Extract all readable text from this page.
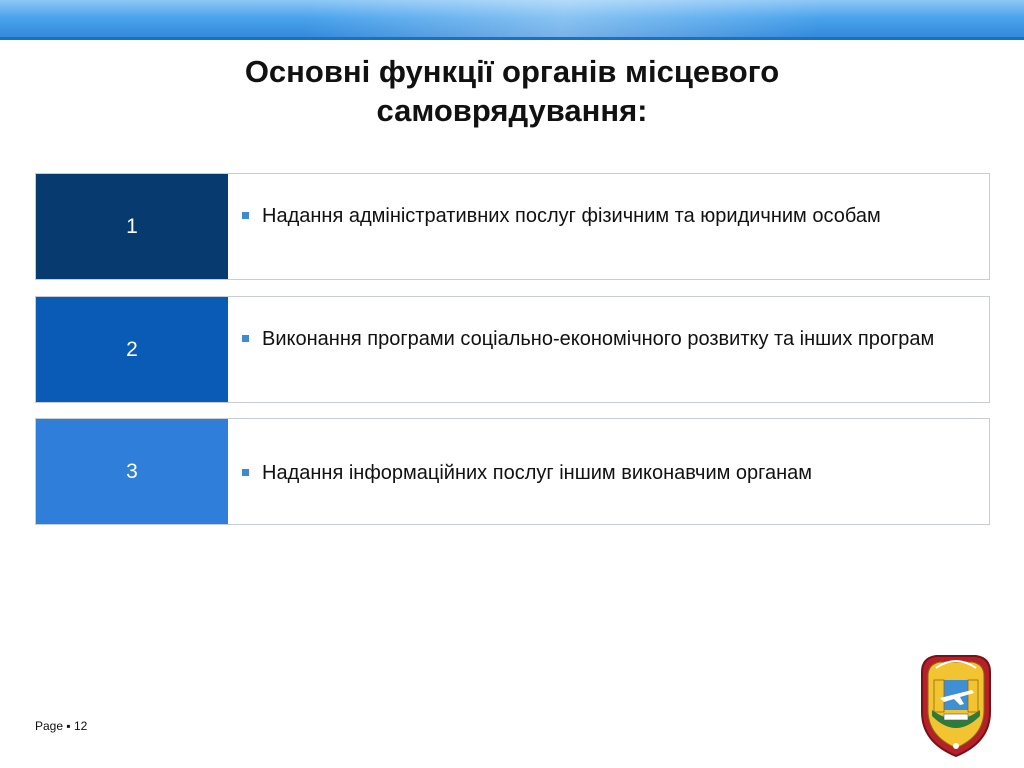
Основні функції органів місцевого самоврядування:
1	Надання адміністративних послуг фізичним та юридичним особам
2	Виконання програми соціально-економічного розвитку та інших програм
3	Надання інформаційних послуг іншим виконавчим органам
Page ▪ 12
